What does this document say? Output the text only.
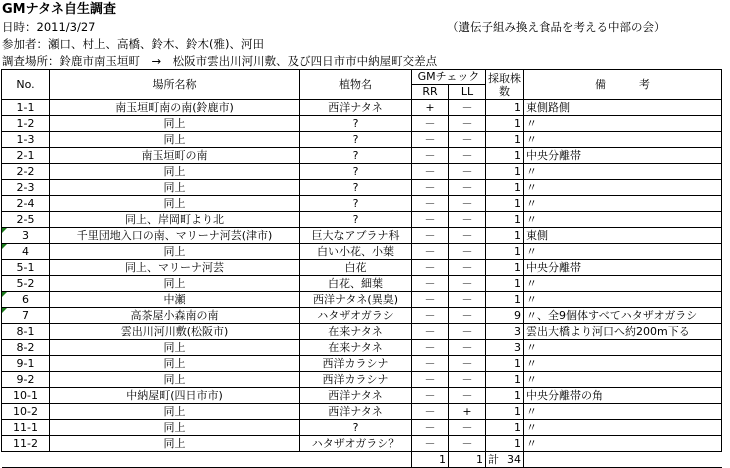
GMナタネ自生調査
日時：2011/3/27	（遺伝子組み換え食品を考える中部の会）
参加者：瀬口、村上、高橋、鈴木、鈴木(雅)、河田
調査場所：鈴鹿市南玉垣町　→　松阪市雲出川河川敷、及び四日市市中納屋町交差点
No.	場所名称	植物名	GMチェック		採取株数	備　　　考
			RR	LL		
1-1	南玉垣町南の南(鈴鹿市)	西洋ナタネ	+	－	1	東側路側
1-2	同上	?	－	－	1	〃
1-3	同上	?	－	－	1	〃
2-1	南玉垣町の南	?	－	－	1	中央分離帯
2-2	同上	?	－	－	1	〃
2-3	同上	?	－	－	1	〃
2-4	同上	?	－	－	1	〃
2-5	同上、岸岡町より北	?	－	－	1	〃
3	千里団地入口の南、マリーナ河芸(津市)	巨大なアブラナ科	－	－	1	東側
4	同上	白い小花、小葉	－	－	1	〃
5-1	同上、マリーナ河芸	白花	－	－	1	中央分離帯
5-2	同上	白花、細葉	－	－	1	〃
6	中瀬	西洋ナタネ(異臭)	－	－	1	〃
7	高茶屋小森南の南	ハタザオガラシ	－	－	9	〃、全9個体すべてハタザオガラシ
8-1	雲出川河川敷(松阪市)	在来ナタネ	－	－	3	雲出大橋より河口へ約200m下る
8-2	同上	在来ナタネ	－	－	3	〃
9-1	同上	西洋カラシナ	－	－	1	〃
9-2	同上	西洋カラシナ	－	－	1	〃
10-1	中納屋町(四日市市)	西洋ナタネ	－	－	1	中央分離帯の角
10-2	同上	西洋ナタネ	－	+	1	〃
11-1	同上	?	－	－	1	〃
11-2	同上	ハタザオガラシ？	－	－	1	〃
			1	1	計 34	
